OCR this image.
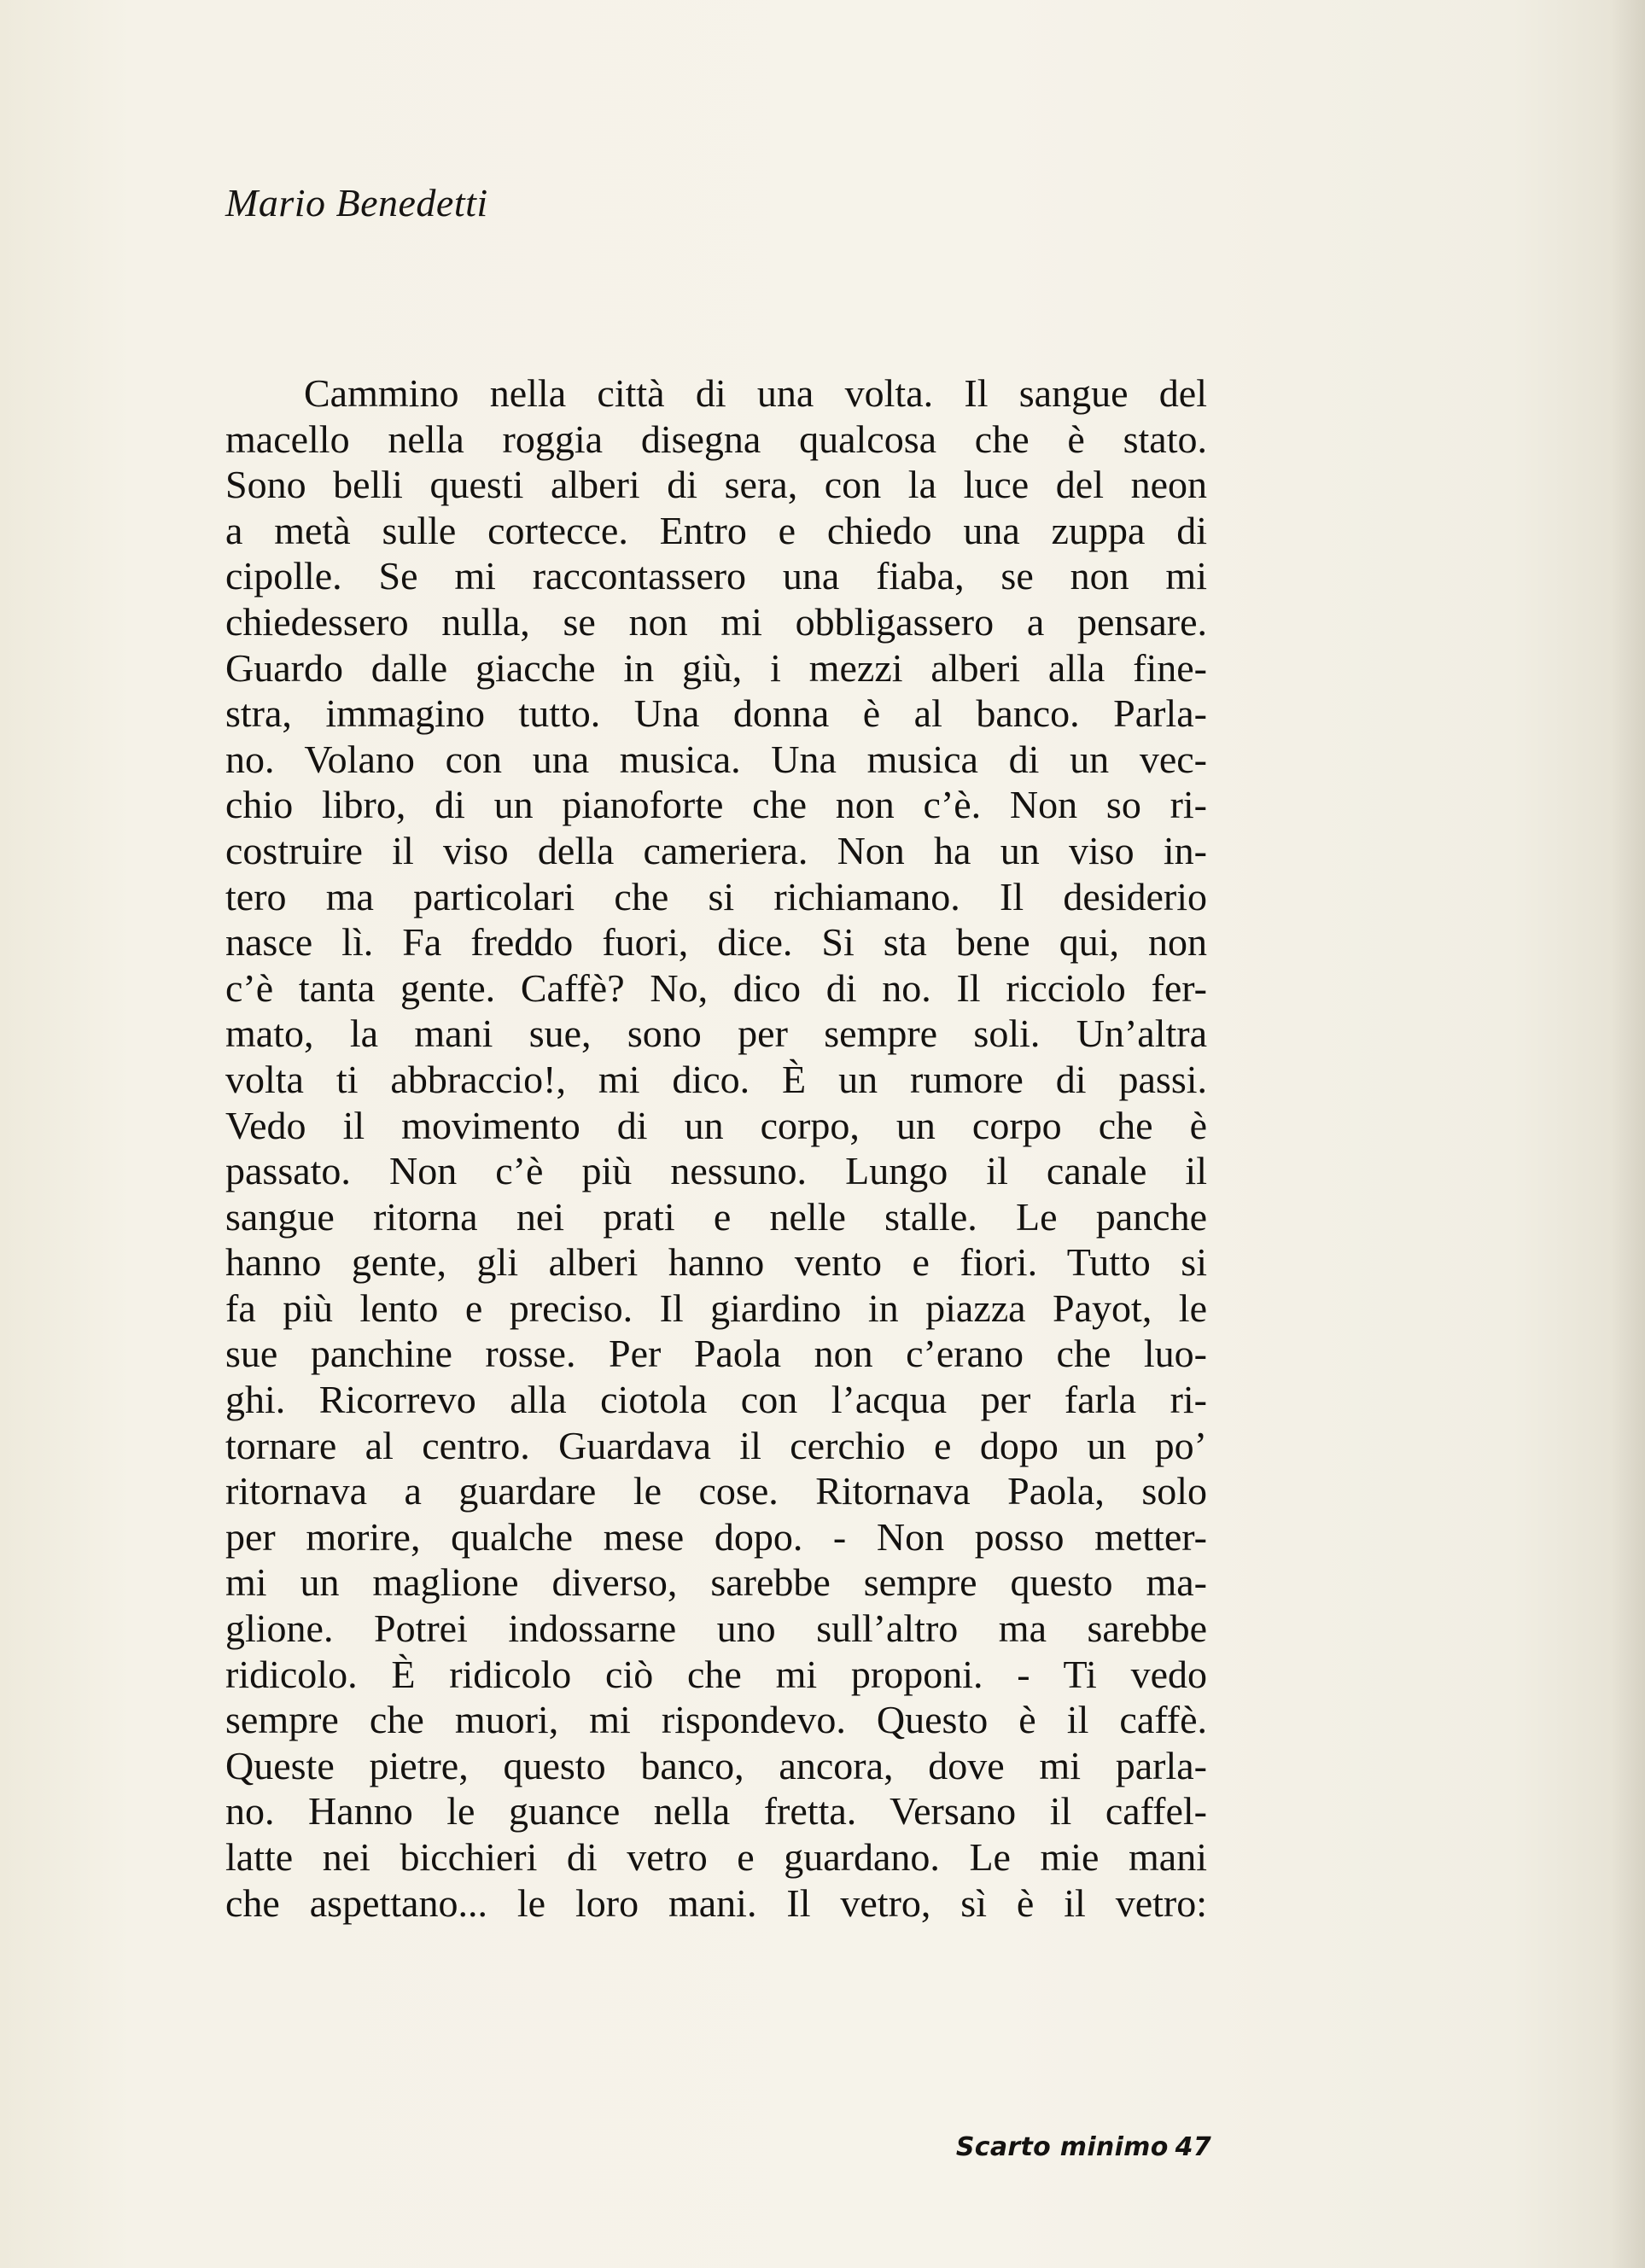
Mario Benedetti
Cammino nella città di una volta. Il sangue del
macello nella roggia disegna qualcosa che è stato.
Sono belli questi alberi di sera, con la luce del neon
a metà sulle cortecce. Entro e chiedo una zuppa di
cipolle. Se mi raccontassero una fiaba, se non mi
chiedessero nulla, se non mi obbligassero a pensare.
Guardo dalle giacche in giù, i mezzi alberi alla fine-
stra, immagino tutto. Una donna è al banco. Parla-
no. Volano con una musica. Una musica di un vec-
chio libro, di un pianoforte che non c’è. Non so ri-
costruire il viso della cameriera. Non ha un viso in-
tero ma particolari che si richiamano. Il desiderio
nasce lì. Fa freddo fuori, dice. Si sta bene qui, non
c’è tanta gente. Caffè? No, dico di no. Il ricciolo fer-
mato, la mani sue, sono per sempre soli. Un’altra
volta ti abbraccio!, mi dico. È un rumore di passi.
Vedo il movimento di un corpo, un corpo che è
passato. Non c’è più nessuno. Lungo il canale il
sangue ritorna nei prati e nelle stalle. Le panche
hanno gente, gli alberi hanno vento e fiori. Tutto si
fa più lento e preciso. Il giardino in piazza Payot, le
sue panchine rosse. Per Paola non c’erano che luo-
ghi. Ricorrevo alla ciotola con l’acqua per farla ri-
tornare al centro. Guardava il cerchio e dopo un po’
ritornava a guardare le cose. Ritornava Paola, solo
per morire, qualche mese dopo. - Non posso metter-
mi un maglione diverso, sarebbe sempre questo ma-
glione. Potrei indossarne uno sull’altro ma sarebbe
ridicolo. È ridicolo ciò che mi proponi. - Ti vedo
sempre che muori, mi rispondevo. Questo è il caffè.
Queste pietre, questo banco, ancora, dove mi parla-
no. Hanno le guance nella fretta. Versano il caffel-
latte nei bicchieri di vetro e guardano. Le mie mani
che aspettano... le loro mani. Il vetro, sì è il vetro:

Scarto minimo 47
